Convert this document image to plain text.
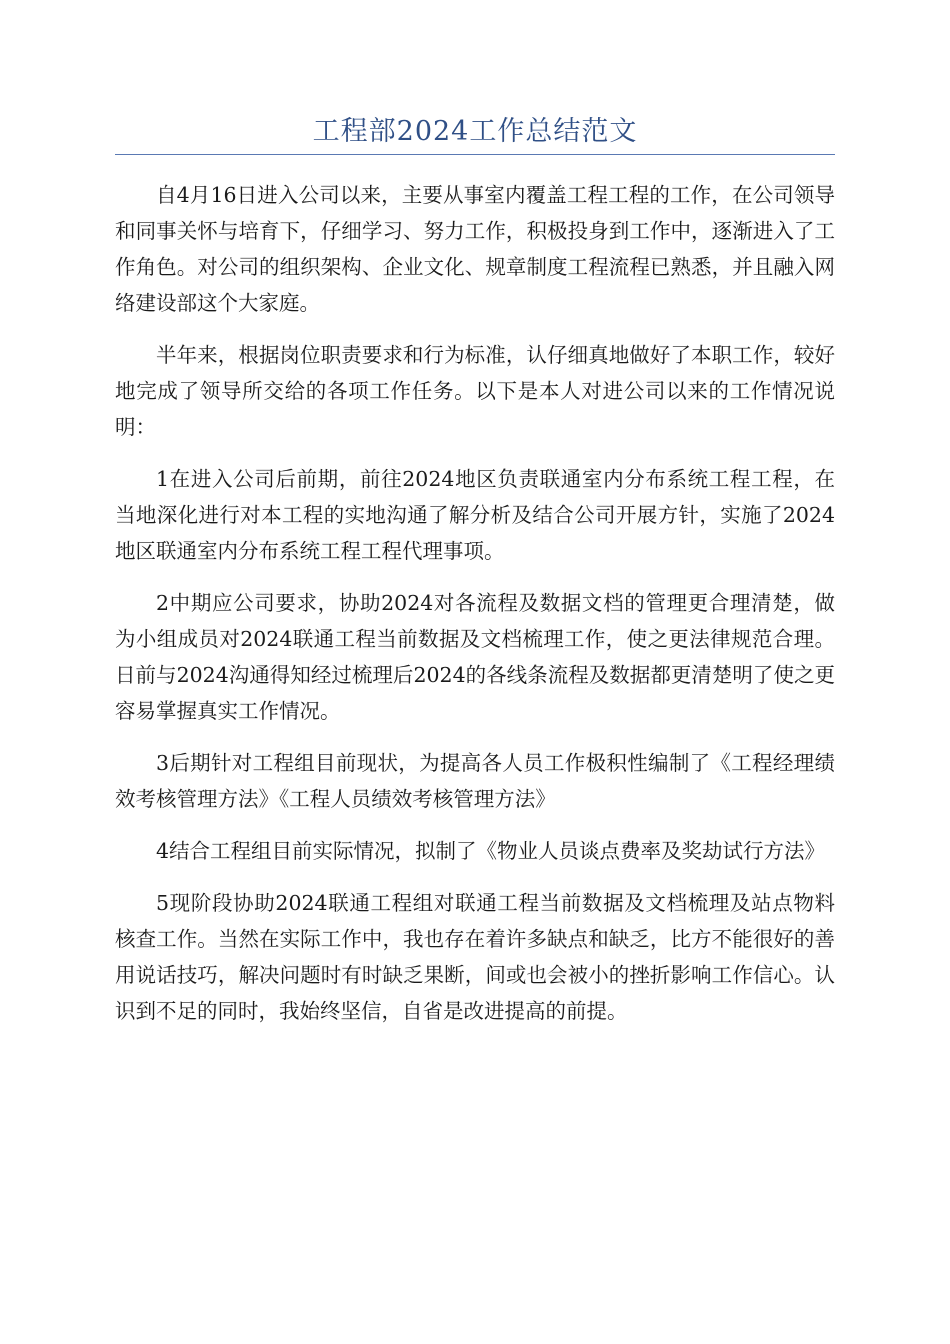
工程部2024工作总结范文

自4月16日进入公司以来，主要从事室内覆盖工程工程的工作，在公司领导和同事关怀与培育下，仔细学习、努力工作，积极投身到工作中，逐渐进入了工作角色。对公司的组织架构、企业文化、规章制度工程流程已熟悉，并且融入网络建设部这个大家庭。

半年来，根据岗位职责要求和行为标准，认仔细真地做好了本职工作，较好地完成了领导所交给的各项工作任务。以下是本人对进公司以来的工作情况说明：

1在进入公司后前期，前往2024地区负责联通室内分布系统工程工程，在当地深化进行对本工程的实地沟通了解分析及结合公司开展方针，实施了2024地区联通室内分布系统工程工程代理事项。

2中期应公司要求，协助2024对各流程及数据文档的管理更合理清楚，做为小组成员对2024联通工程当前数据及文档梳理工作，使之更法律规范合理。日前与2024沟通得知经过梳理后2024的各线条流程及数据都更清楚明了使之更容易掌握真实工作情况。

3后期针对工程组目前现状，为提高各人员工作极积性编制了《工程经理绩效考核管理方法》《工程人员绩效考核管理方法》

4结合工程组目前实际情况，拟制了《物业人员谈点费率及奖劫试行方法》

5现阶段协助2024联通工程组对联通工程当前数据及文档梳理及站点物料核查工作。当然在实际工作中，我也存在着许多缺点和缺乏，比方不能很好的善用说话技巧，解决问题时有时缺乏果断，间或也会被小的挫折影响工作信心。认识到不足的同时，我始终坚信，自省是改进提高的前提。
